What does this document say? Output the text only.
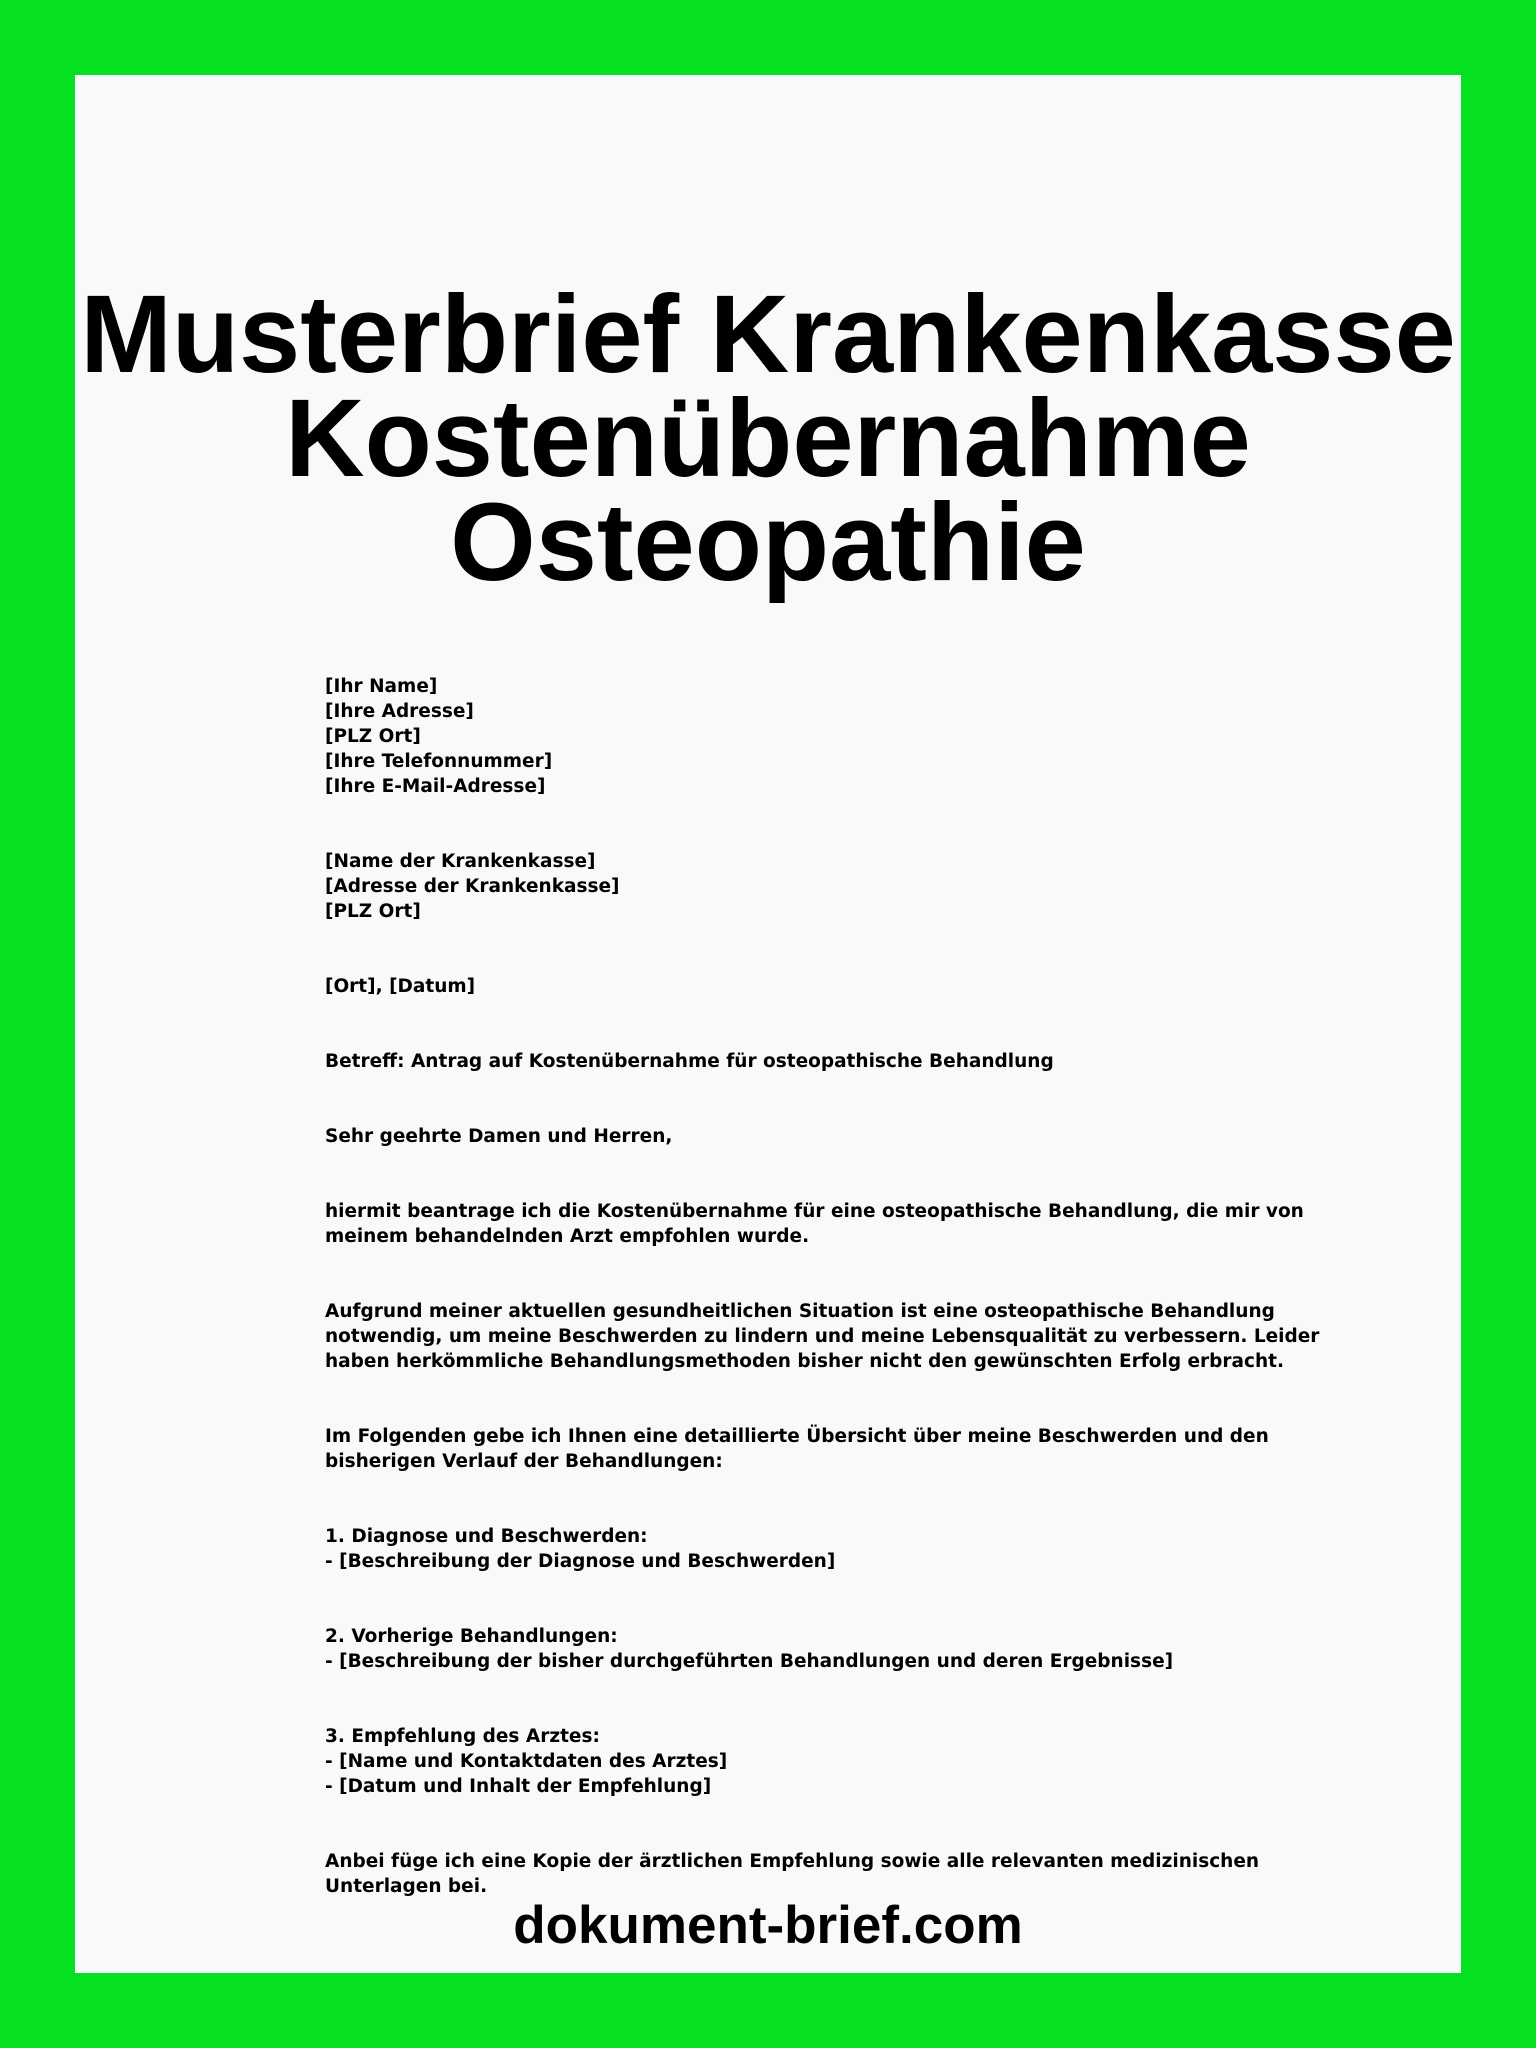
Musterbrief Krankenkasse
Kostenübernahme
Osteopathie
[Ihr Name]
[Ihre Adresse]
[PLZ Ort]
[Ihre Telefonnummer]
[Ihre E-Mail-Adresse]
[Name der Krankenkasse]
[Adresse der Krankenkasse]
[PLZ Ort]

[Ort], [Datum]

Betreff: Antrag auf Kostenübernahme für osteopathische Behandlung

Sehr geehrte Damen und Herren,

hiermit beantrage ich die Kostenübernahme für eine osteopathische Behandlung, die mir von meinem behandelnden Arzt empfohlen wurde.

Aufgrund meiner aktuellen gesundheitlichen Situation ist eine osteopathische Behandlung notwendig, um meine Beschwerden zu lindern und meine Lebensqualität zu verbessern. Leider haben herkömmliche Behandlungsmethoden bisher nicht den gewünschten Erfolg erbracht.

Im Folgenden gebe ich Ihnen eine detaillierte Übersicht über meine Beschwerden und den bisherigen Verlauf der Behandlungen:

1. Diagnose und Beschwerden:
- [Beschreibung der Diagnose und Beschwerden]
2. Vorherige Behandlungen:
- [Beschreibung der bisher durchgeführten Behandlungen und deren Ergebnisse]
3. Empfehlung des Arztes:
- [Name und Kontaktdaten des Arztes]
- [Datum und Inhalt der Empfehlung]

Anbei füge ich eine Kopie der ärztlichen Empfehlung sowie alle relevanten medizinischen Unterlagen bei.

dokument-brief.com
